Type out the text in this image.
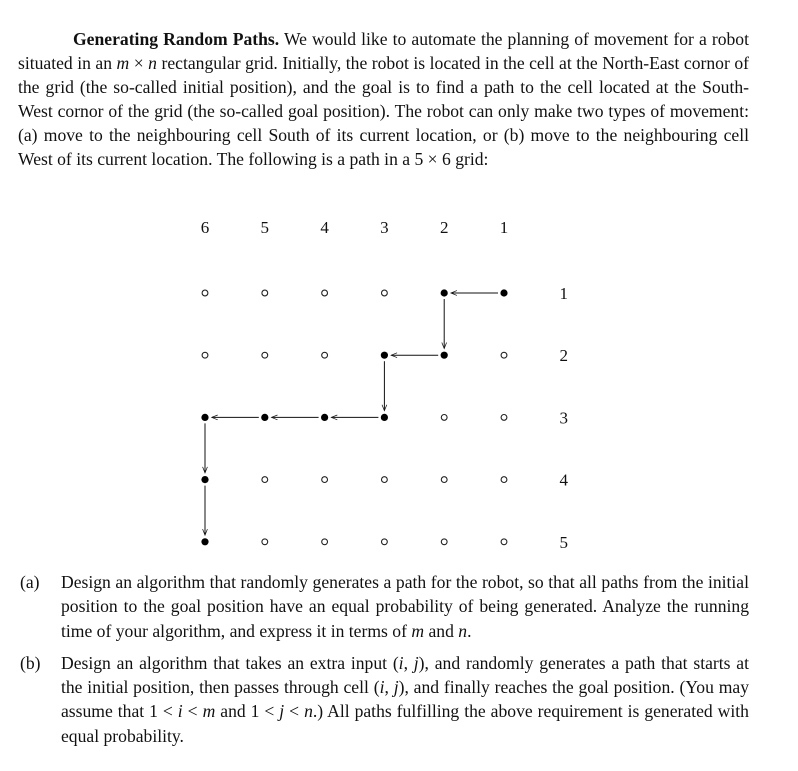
Generating Random Paths. We would like to automate the planning of movement for a robot situated in an m × n rectangular grid. Initially, the robot is located in the cell at the North-East cornor of the grid (the so-called initial position), and the goal is to find a path to the cell located at the South-West cornor of the grid (the so-called goal position). The robot can only make two types of movement: (a) move to the neighbouring cell South of its current location, or (b) move to the neighbouring cell West of its current location. The following is a path in a 5 × 6 grid:

6	5	4	3	2	1
1
2
3
4
5
(a) Design an algorithm that randomly generates a path for the robot, so that all paths from the initial position to the goal position have an equal probability of being generated. Analyze the running time of your algorithm, and express it in terms of m and n.
(b) Design an algorithm that takes an extra input (i, j), and randomly generates a path that starts at the initial position, then passes through cell (i, j), and finally reaches the goal position. (You may assume that 1 < i < m and 1 < j < n.) All paths fulfilling the above requirement is generated with equal probability.
